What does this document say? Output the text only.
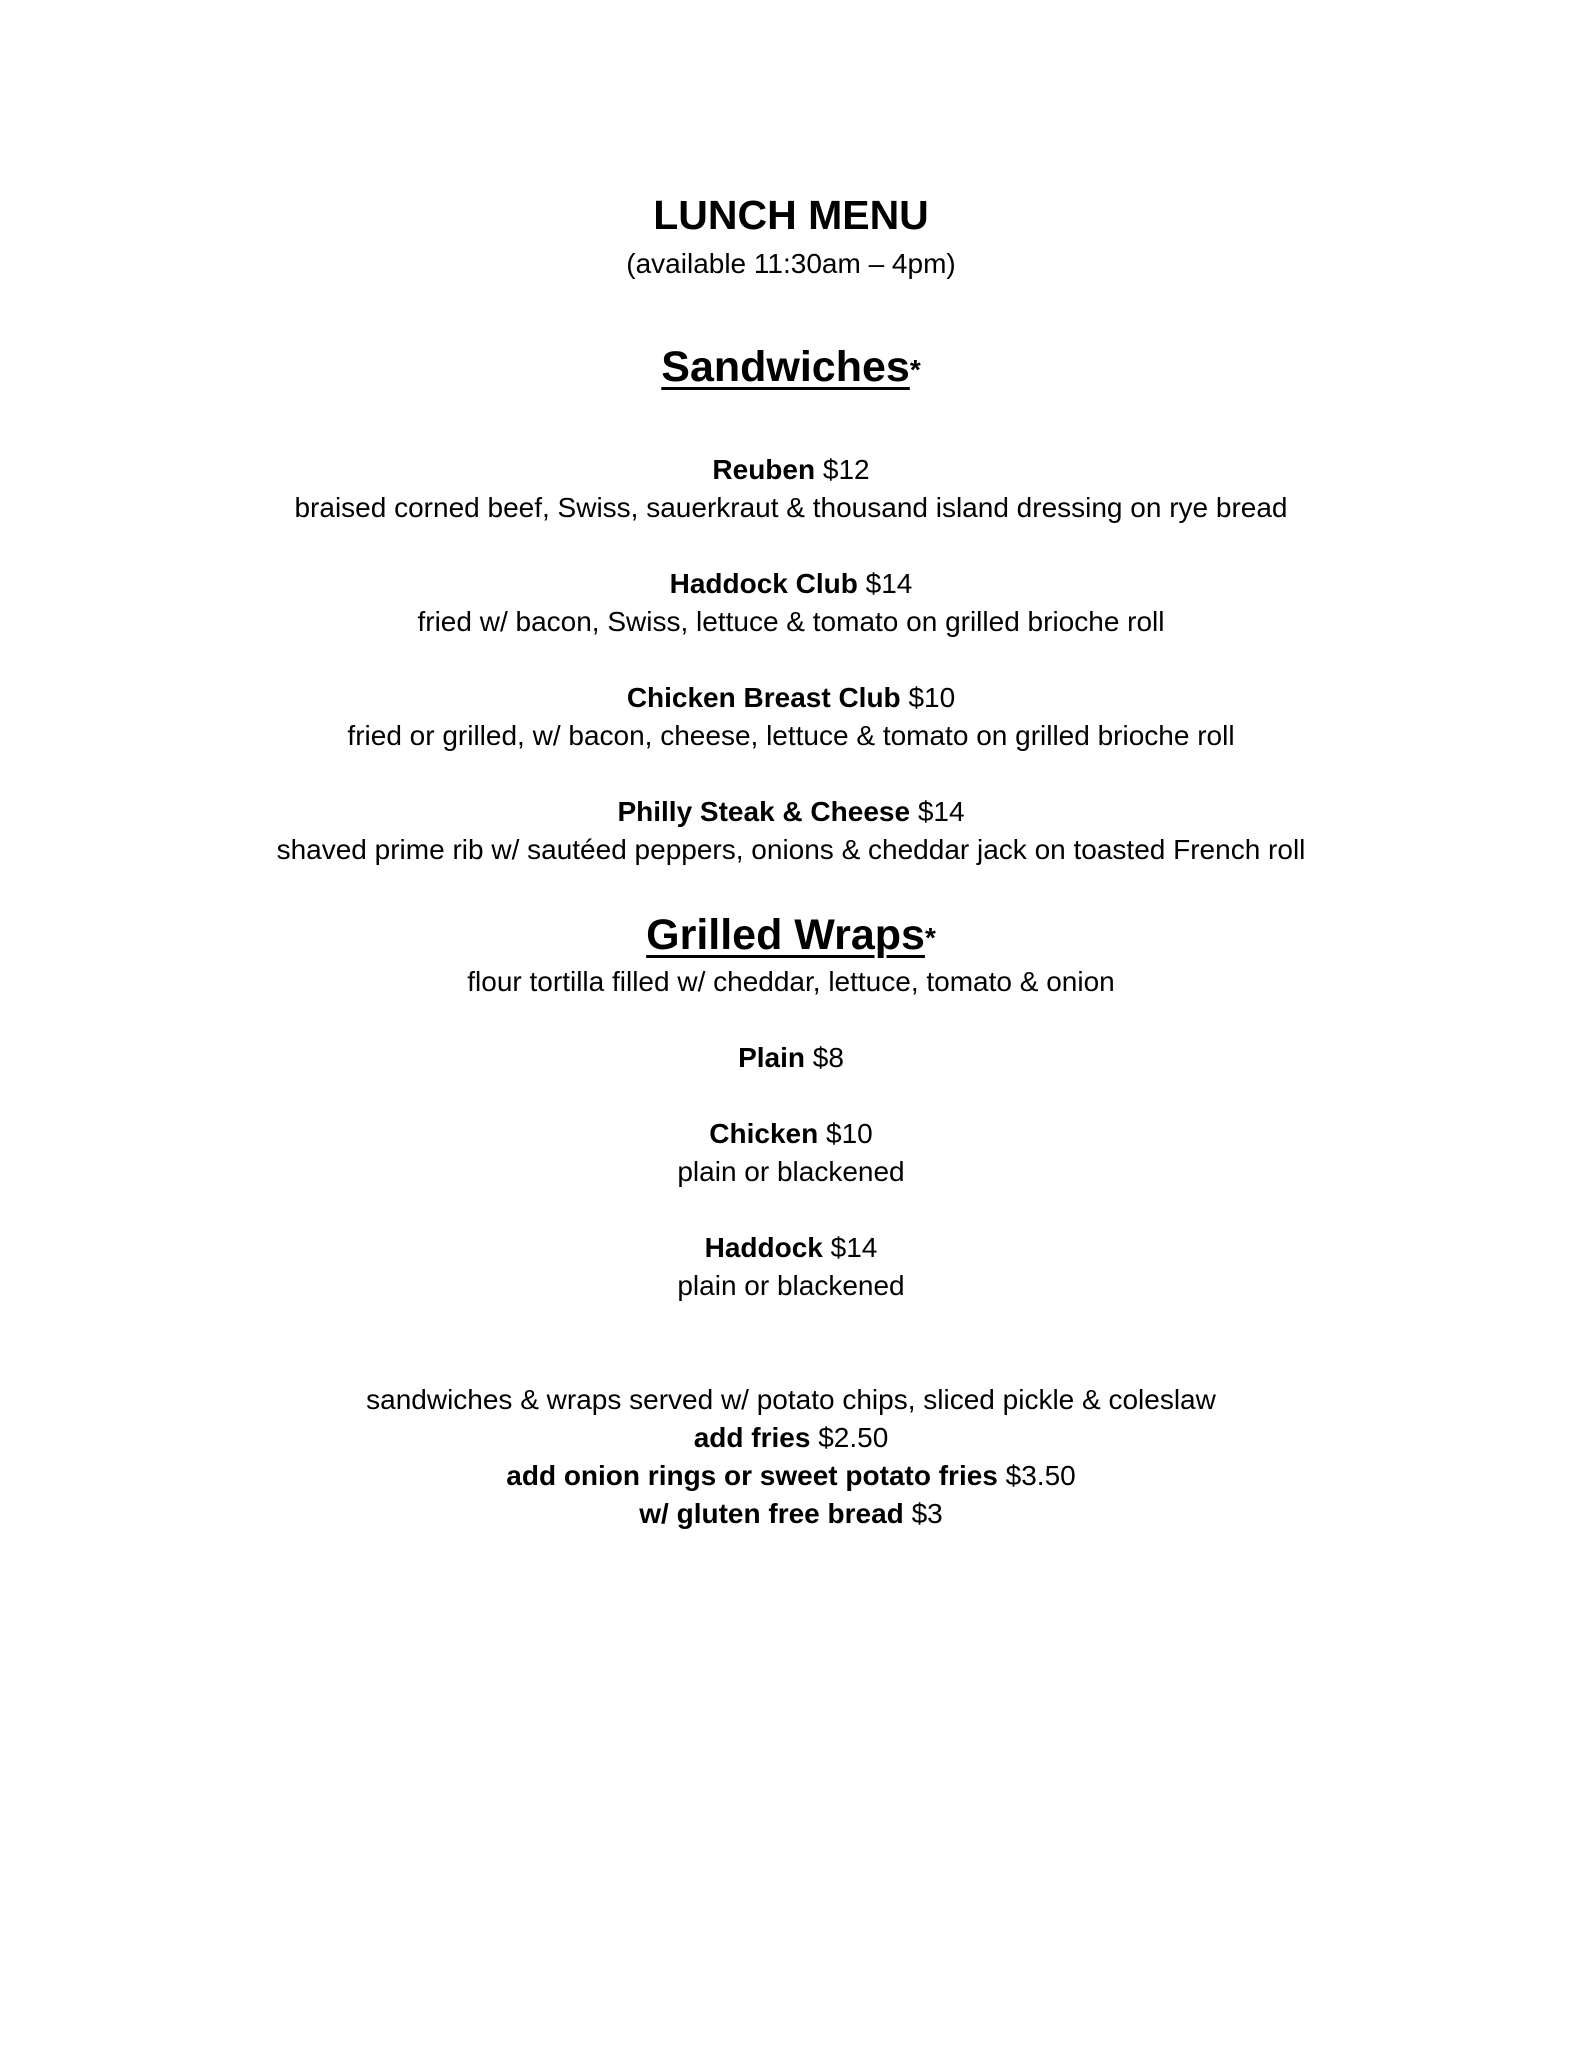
LUNCH MENU
(available 11:30am – 4pm)
Sandwiches*
Reuben $12
braised corned beef, Swiss, sauerkraut & thousand island dressing on rye bread
Haddock Club $14
fried w/ bacon, Swiss, lettuce & tomato on grilled brioche roll
Chicken Breast Club $10
fried or grilled, w/ bacon, cheese, lettuce & tomato on grilled brioche roll
Philly Steak & Cheese $14
shaved prime rib w/ sautéed peppers, onions & cheddar jack on toasted French roll
Grilled Wraps*
flour tortilla filled w/ cheddar, lettuce, tomato & onion
Plain $8
Chicken $10
plain or blackened
Haddock $14
plain or blackened
sandwiches & wraps served w/ potato chips, sliced pickle & coleslaw
add fries $2.50
add onion rings or sweet potato fries $3.50
w/ gluten free bread $3
